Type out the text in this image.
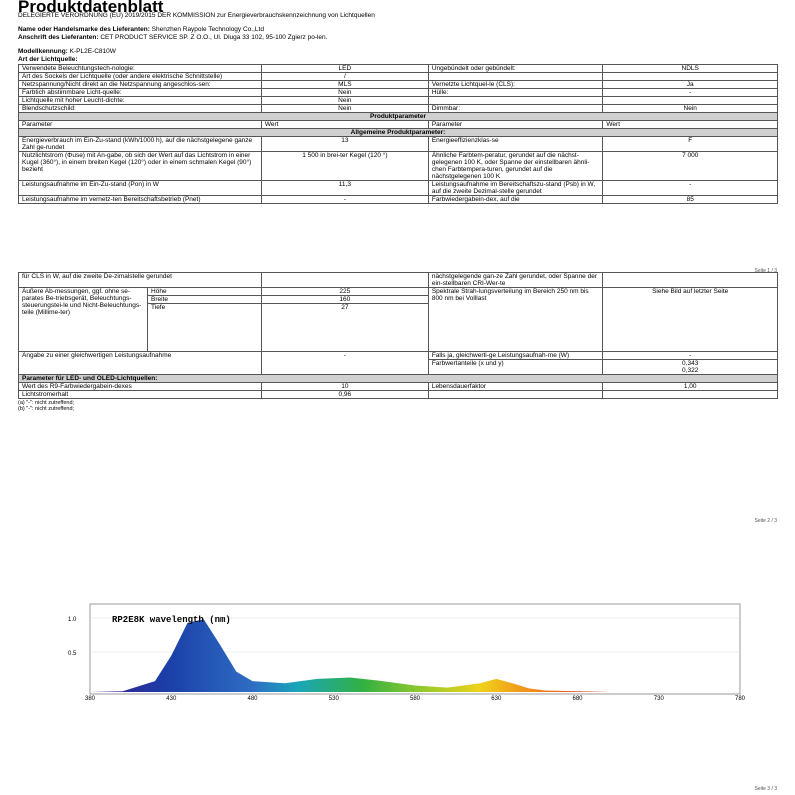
Produktdatenblatt
DELEGIERTE VERORDNUNG (EU) 2019/2015 DER KOMMISSION zur Energieverbrauchskennzeichnung von Lichtquellen
Name oder Handelsmarke des Lieferanten: Shenzhen Raypole Technology Co.,Ltd
Anschrift des Lieferanten: CET PRODUCT SERVICE SP. Z O.O., Ul. Dluga 33 102, 95-100 Zgierz po-len.
Modellkennung: K-PL2E-C810W
Art der Lichtquelle:
Verwendete Beleuchtungstech-nologie:	LED	Ungebündelt oder gebündelt:	NDLS
Art des Sockels der Lichtquelle (oder andere elektrische Schnittstelle)	/		
Netzspannung/Nicht direkt an die Netzspannung angeschlos-sen:	MLS	Vernetzte Lichtquel-le (CLS):	Ja
Farbtich abstimmbare Licht-quelle:	Nein	Hülle:	-
Lichtquelle mit hoher Leucht-dichte:	Nein		
Blendschutzschild:	Nein	Dimmbar:	Nein
Produktparameter			
Parameter	Wert	Parameter	Wert
Allgemeine Produktparameter:			
Energieverbrauch im Ein-Zu-stand (kWh/1000 h), auf die nächstgelegene ganze Zahl ge-rundet	13	Energieeffizienzklas-se	F
Nutzlichtstrom (Φuse) mit An-gabe, ob sich der Wert auf das Lichtstrom in einer Kugel (360°), in einem breiten Kegel (120°) oder in einem schmalen Kegel (90°) bezieht	1 500 in brei-ter Kegel (120 °)	Ähnliche Farbtem-peratur, gerundet auf die nächst-gelegenen 100 K, oder Spanne der einstellbaren ähnli-chen Farbtempera-turen, gerundet auf die nächstgelegenen 100 K	7 000
Leistungsaufnahme im Ein-Zu-stand (Pon) in W	11,3	Leistungsaufnahme im Bereitschaftszu-stand (Psb) in W, auf die zweite Dezimal-stelle gerundet	-
Leistungsaufnahme im vernetz-ten Bereitschaftsbetrieb (Pnet)	-	Farbwiedergabein-dex, auf die	85
Seite 1 / 3
für CLS in W, auf die zweite De-zimalstelle gerundet			nächstgelegende gan-ze Zahl gerundet, oder Spanne der ein-stellbaren CRI-Wer-te	
Äußere Ab-messungen, ggf. ohne se-parates Be-triebsgerät, Beleuchtungs-steuerungstei-le und Nicht-Beleuchtungs-teile (Millime-ter)	Höhe	225	Spektrale Strah-lungsverteilung im Bereich 250 nm bis 800 nm bei Volllast	Siehe Bild auf letzter Seite
	Breite	160		
	Tiefe	27		
Angabe zu einer gleichwertigen Leistungsaufnahme		-	Falls ja, gleichwerti-ge Leistungsaufnah-me (W)	-
			Farbwertanteile (x und y)	0,343
0,322
Parameter für LED- und OLED-Lichtquellen:				
Wert des R9-Farbwiedergabein-dexes		10	Lebensdauerfaktor	1,00
Lichtstromerhalt		0,96		
(a) "-": nicht zutreffend;
(b) "-": nicht zutreffend;
Seite 2 / 3
Seite 3 / 3
RP2E8K wavelength (nm)
1.0
0.5
380	430	480	530	580	630	680	730	780
